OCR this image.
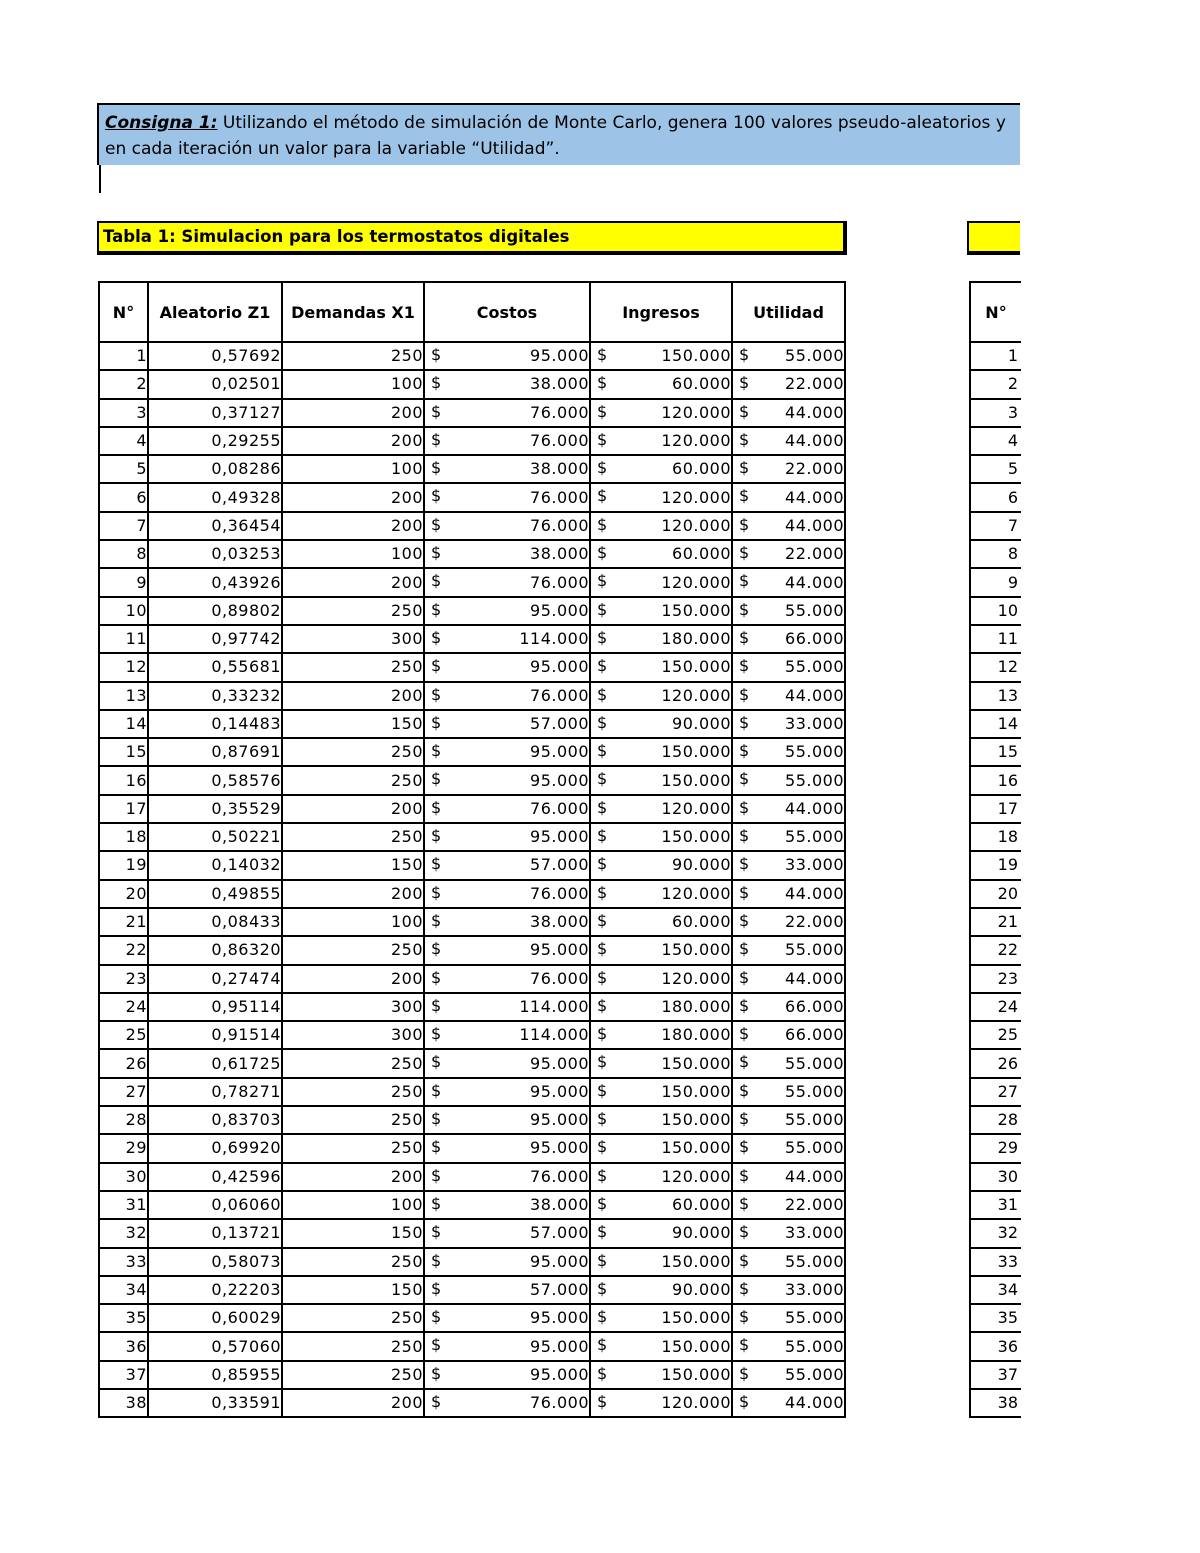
Consigna 1: Utilizando el método de simulación de Monte Carlo, genera 100 valores pseudo-aleatorios y
en cada iteración un valor para la variable “Utilidad”.
Tabla 1: Simulacion para los termostatos digitales
N°	Aleatorio Z1	Demandas X1	Costos	Ingresos	Utilidad
1	0,57692	250	$ 95.000	$ 150.000	$ 55.000
2	0,02501	100	$ 38.000	$ 60.000	$ 22.000
3	0,37127	200	$ 76.000	$ 120.000	$ 44.000
4	0,29255	200	$ 76.000	$ 120.000	$ 44.000
5	0,08286	100	$ 38.000	$ 60.000	$ 22.000
6	0,49328	200	$ 76.000	$ 120.000	$ 44.000
7	0,36454	200	$ 76.000	$ 120.000	$ 44.000
8	0,03253	100	$ 38.000	$ 60.000	$ 22.000
9	0,43926	200	$ 76.000	$ 120.000	$ 44.000
10	0,89802	250	$ 95.000	$ 150.000	$ 55.000
11	0,97742	300	$ 114.000	$ 180.000	$ 66.000
12	0,55681	250	$ 95.000	$ 150.000	$ 55.000
13	0,33232	200	$ 76.000	$ 120.000	$ 44.000
14	0,14483	150	$ 57.000	$ 90.000	$ 33.000
15	0,87691	250	$ 95.000	$ 150.000	$ 55.000
16	0,58576	250	$ 95.000	$ 150.000	$ 55.000
17	0,35529	200	$ 76.000	$ 120.000	$ 44.000
18	0,50221	250	$ 95.000	$ 150.000	$ 55.000
19	0,14032	150	$ 57.000	$ 90.000	$ 33.000
20	0,49855	200	$ 76.000	$ 120.000	$ 44.000
21	0,08433	100	$ 38.000	$ 60.000	$ 22.000
22	0,86320	250	$ 95.000	$ 150.000	$ 55.000
23	0,27474	200	$ 76.000	$ 120.000	$ 44.000
24	0,95114	300	$ 114.000	$ 180.000	$ 66.000
25	0,91514	300	$ 114.000	$ 180.000	$ 66.000
26	0,61725	250	$ 95.000	$ 150.000	$ 55.000
27	0,78271	250	$ 95.000	$ 150.000	$ 55.000
28	0,83703	250	$ 95.000	$ 150.000	$ 55.000
29	0,69920	250	$ 95.000	$ 150.000	$ 55.000
30	0,42596	200	$ 76.000	$ 120.000	$ 44.000
31	0,06060	100	$ 38.000	$ 60.000	$ 22.000
32	0,13721	150	$ 57.000	$ 90.000	$ 33.000
33	0,58073	250	$ 95.000	$ 150.000	$ 55.000
34	0,22203	150	$ 57.000	$ 90.000	$ 33.000
35	0,60029	250	$ 95.000	$ 150.000	$ 55.000
36	0,57060	250	$ 95.000	$ 150.000	$ 55.000
37	0,85955	250	$ 95.000	$ 150.000	$ 55.000
38	0,33591	200	$ 76.000	$ 120.000	$ 44.000
N°
1
2
3
4
5
6
7
8
9
10
11
12
13
14
15
16
17
18
19
20
21
22
23
24
25
26
27
28
29
30
31
32
33
34
35
36
37
38
